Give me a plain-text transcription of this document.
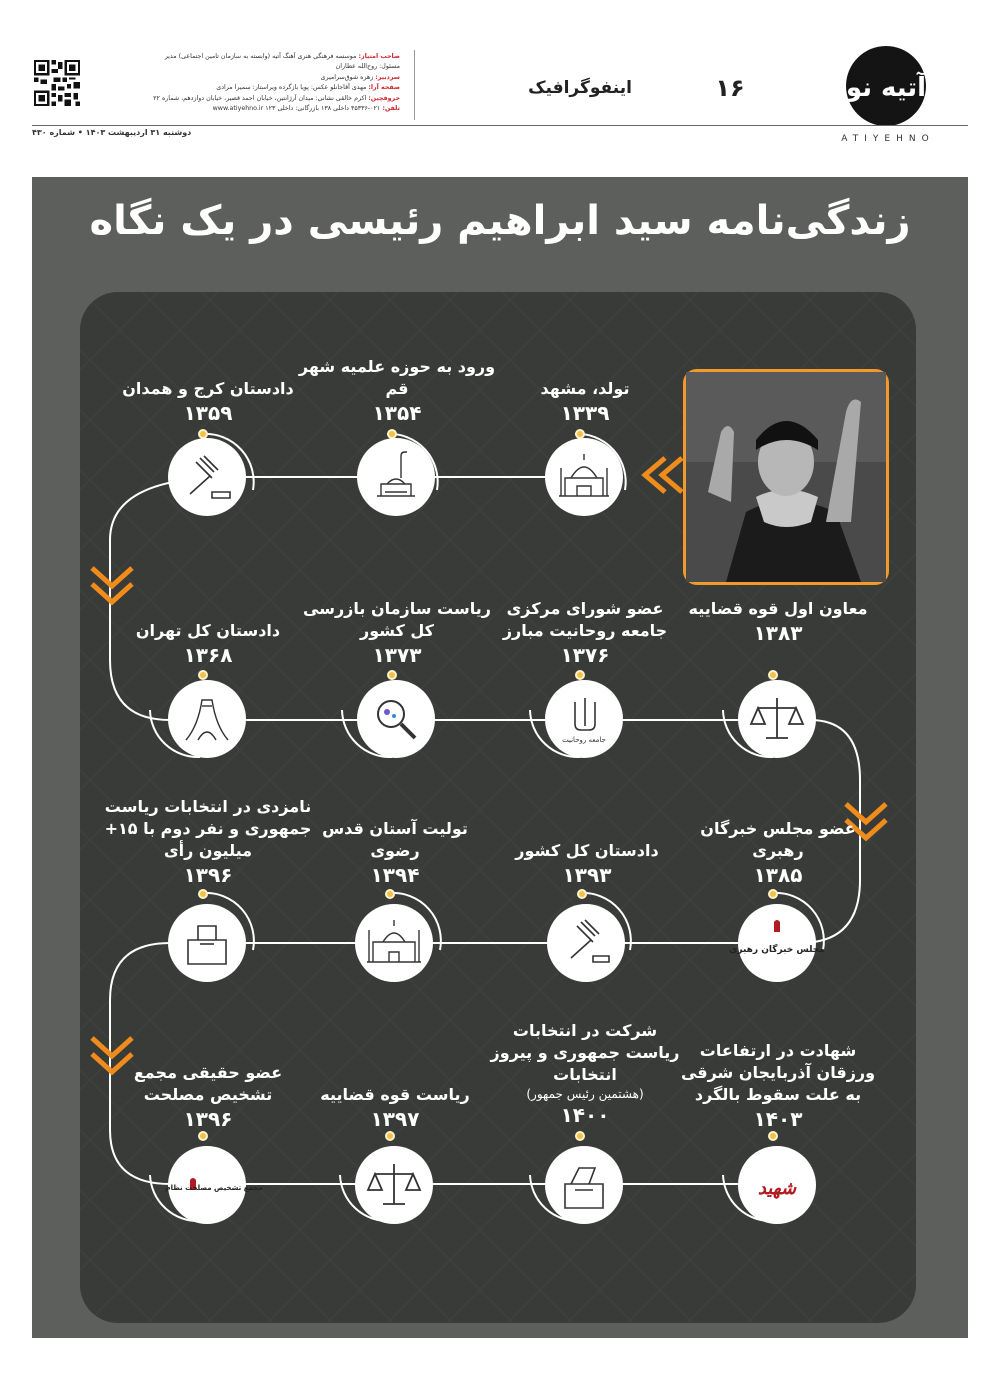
آتیه نو
ATIYEHNO
۱۶
اینفوگرافیک
صاحب امتیاز: موسسه فرهنگی هنری آهنگ آتیه (وابسته به سازمان تامین اجتماعی) مدیر مسئول: روح‌الله عطاران
سردبیر: زهره شوق‌سرامیری
صفحه آرا: مهدی آقاجانلو عکس: پویا بازگرده ویراستار: سمیرا مرادی
حروفچین: اکرم خالقی نشانی: میدان آرژانتین، خیابان احمد قصیر، خیابان دوازدهم، شماره ۲۲
تلفن: ۰۲۱-۴۵۳۳۶ داخلی ۱۳۸ بازرگانی: داخلی ۱۲۳ www.atiyehno.ir
دوشنبه ۳۱ اردیبهشت ۱۴۰۳ • شماره ۴۳۰
زندگی‌نامه سید ابراهیم رئیسی در یک نگاه
تولد، مشهد
۱۳۳۹
ورود به حوزه علمیه شهر قم
۱۳۵۴
دادستان کرج و همدان
۱۳۵۹
دادستان کل تهران
۱۳۶۸
ریاست سازمان بازرسی کل کشور
۱۳۷۳
جامعه روحانیت
عضو شورای مرکزی جامعه روحانیت مبارز
۱۳۷۶
معاون اول قوه قضاییه
۱۳۸۳
مجلس خبرگان رهبری
عضو مجلس خبرگان رهبری
۱۳۸۵
دادستان کل کشور
۱۳۹۳
تولیت آستان قدس رضوی
۱۳۹۴
نامزدی در انتخابات ریاست جمهوری و نفر دوم با ۱۵+ میلیون رأی
۱۳۹۶
مجمع تشخیص مصلحت نظام
عضو حقیقی مجمع تشخیص مصلحت
۱۳۹۶
ریاست قوه قضاییه
۱۳۹۷
شرکت در انتخابات ریاست جمهوری و پیروز انتخابات
(هشتمین رئیس جمهور)
۱۴۰۰
شهید
شهادت در ارتفاعات ورزقان آذربایجان شرقی به علت سقوط بالگرد
۱۴۰۳
